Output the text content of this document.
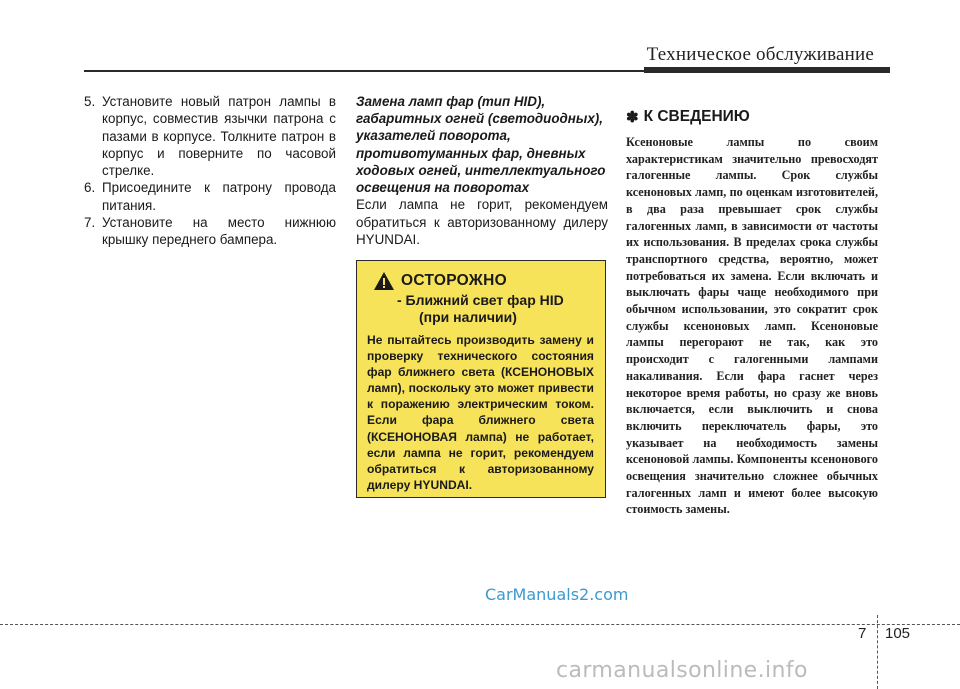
Техническое обслуживание
5. Установите новый патрон лампы в корпус, совместив язычки патрона с пазами в корпусе. Толкните патрон в корпус и поверните по часовой стрелке.
6. Присоедините к патрону провода питания.
7. Установите на место нижнюю крышку переднего бампера.
Замена ламп фар (тип HID), габаритных огней (светодиодных), указателей поворота, противотуманных фар, дневных ходовых огней, интеллектуального освещения на поворотах
Если лампа не горит, рекомендуем обратиться к авторизованному дилеру HYUNDAI.
ОСТОРОЖНО
- Ближний свет фар HID
(при наличии)
Не пытайтесь производить замену и проверку технического состояния фар ближнего света (КСЕНОНОВЫХ ламп), поскольку это может привести к поражению электрическим током. Если фара ближнего света (КСЕНОНОВАЯ лампа) не работает, если лампа не горит, рекомендуем обратиться к авторизованному дилеру HYUNDAI.
✽ К СВЕДЕНИЮ
Ксеноновые лампы по своим характеристикам значительно превосходят галогенные лампы. Срок службы ксеноновых ламп, по оценкам изготовителей, в два раза превышает срок службы галогенных ламп, в зависимости от частоты их использования. В пределах срока службы транспортного средства, вероятно, может потребоваться их замена. Если включать и выключать фары чаще необходимого при обычном использовании, это сократит срок службы ксеноновых ламп. Ксеноновые лампы перегорают не так, как это происходит с галогенными лампами накаливания. Если фара гаснет через некоторое время работы, но сразу же вновь включается, если выключить и снова включить переключатель фары, это указывает на необходимость замены ксеноновой лампы. Компоненты ксенонового освещения значительно сложнее обычных галогенных ламп и имеют более высокую стоимость замены.
CarManuals2.com
7 105
carmanualsonline.info
